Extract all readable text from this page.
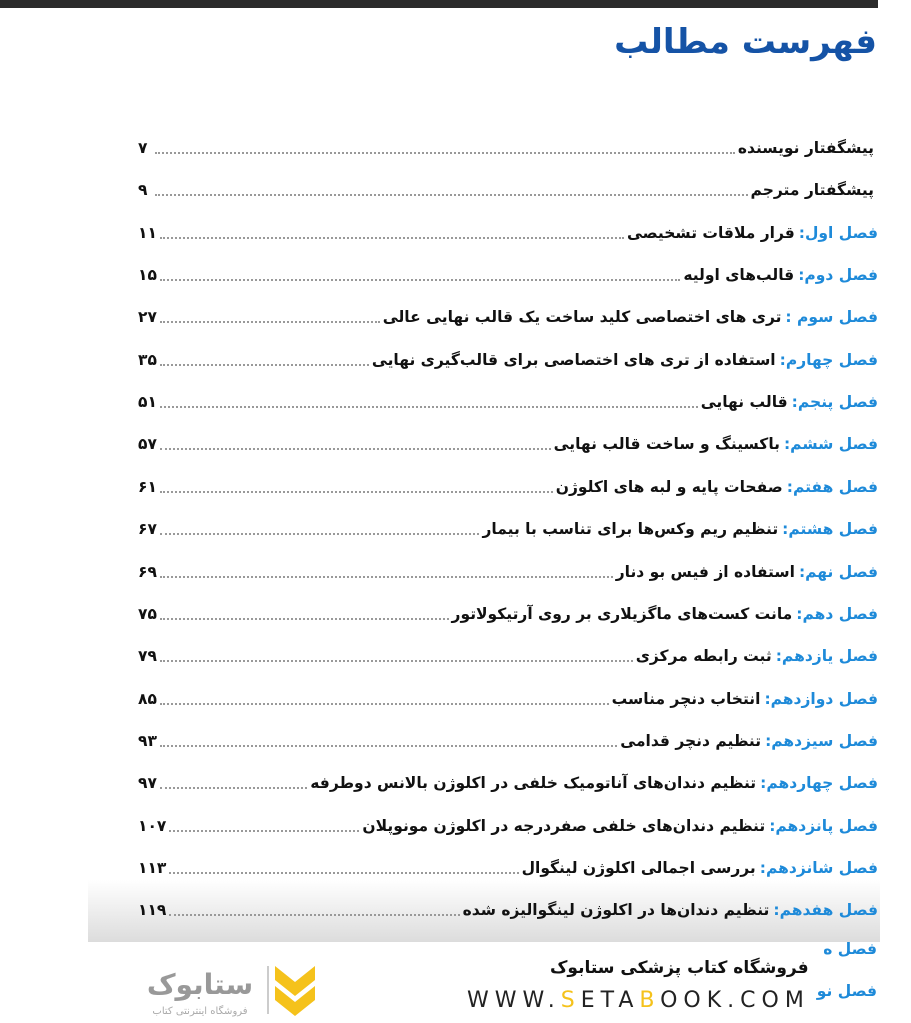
فهرست مطالب
پیشگفتار نویسنده
۷
پیشگفتار مترجم
۹
فصل اول:
قرار ملاقات تشخیصی
۱۱
فصل دوم:
قالب‌های اولیه
۱۵
فصل سوم :
تری های اختصاصی کلید ساخت یک قالب نهایی عالی
۲۷
فصل چهارم:
استفاده از تری های اختصاصی برای قالب‌گیری نهایی
۳۵
فصل پنجم:
قالب نهایی
۵۱
فصل ششم:
باکسینگ و ساخت قالب نهایی
۵۷
فصل هفتم:
صفحات پایه و لبه های اکلوژن
۶۱
فصل هشتم:
تنظیم ریم وکس‌ها برای تناسب با بیمار
۶۷
فصل نهم:
استفاده از فیس بو دنار
۶۹
فصل دهم:
مانت کست‌های ماگزیلاری بر روی آرتیکولاتور
۷۵
فصل یازدهم:
ثبت رابطه مرکزی
۷۹
فصل دوازدهم:
انتخاب دنچر مناسب
۸۵
فصل سیزدهم:
تنظیم دنچر قدامی
۹۳
فصل چهاردهم:
تنظیم دندان‌های آناتومیک خلفی در اکلوژن بالانس دوطرفه
۹۷
فصل پانزدهم:
تنظیم دندان‌های خلفی صفردرجه در اکلوژن مونوپلان
۱۰۷
فصل شانزدهم:
بررسی اجمالی اکلوژن لینگوال
۱۱۳
فصل هفدهم:
تنظیم دندان‌ها در اکلوژن لینگوالیزه شده
۱۱۹
فصل ه
فصل نو
فروشگاه کتاب پزشکی ستابوک
WWW.SETABOOK.COM
ستابوک
فروشگاه اینترنتی کتاب
